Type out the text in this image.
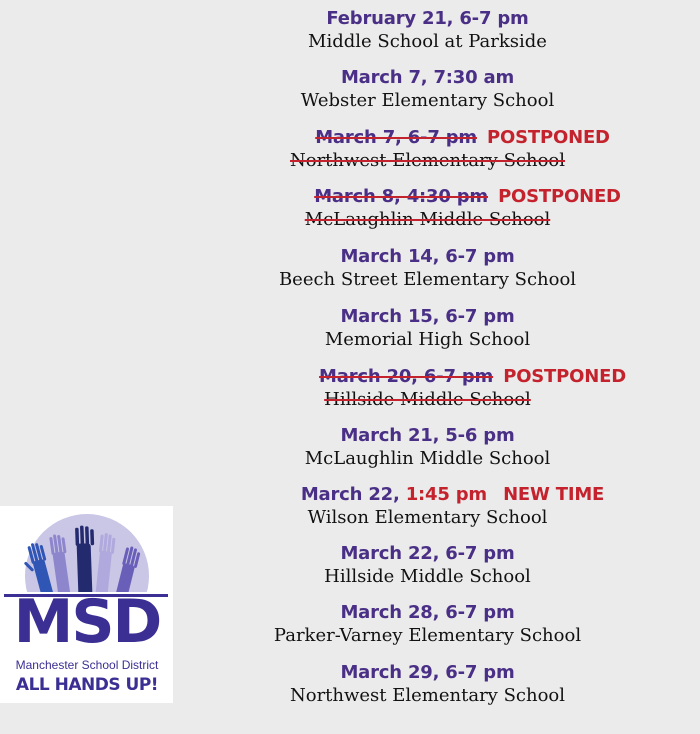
February 21, 6-7 pm
Middle School at Parkside
March 7, 7:30 am
Webster Elementary School
March 7, 6-7 pm POSTPONED
Northwest Elementary School
March 8, 4:30 pm POSTPONED
McLaughlin Middle School
March 14, 6-7 pm
Beech Street Elementary School
March 15, 6-7 pm
Memorial High School
March 20, 6-7 pm POSTPONED
Hillside Middle School
March 21, 5-6 pm
McLaughlin Middle School
March 22, 1:45 pm NEW TIME
Wilson Elementary School
March 22, 6-7 pm
Hillside Middle School
March 28, 6-7 pm
Parker-Varney Elementary School
March 29, 6-7 pm
Northwest Elementary School
MSD
Manchester School District
ALL HANDS UP!
